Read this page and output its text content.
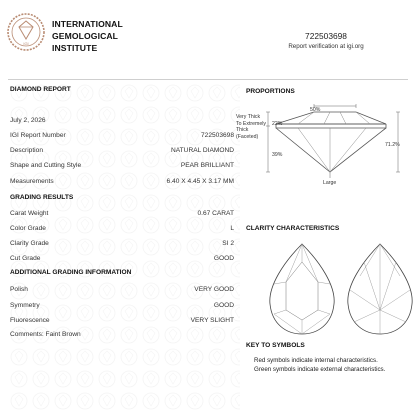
IGI
INTERNATIONAL
GEMOLOGICAL
INSTITUTE
722503698
Report verification at igi.org
DIAMOND REPORT
July 2, 2026
IGI Report Number	722503698
Description	NATURAL DIAMOND
Shape and Cutting Style	PEAR BRILLIANT
Measurements	6.40 X 4.45 X 3.17 MM
GRADING RESULTS
Carat Weight	0.67 CARAT
Color Grade	L
Clarity Grade	SI 2
Cut Grade	GOOD
ADDITIONAL GRADING INFORMATION
Polish	VERY GOOD
Symmetry	GOOD
Fluorescence	VERY SLIGHT
Comments: Faint Brown
PROPORTIONS
50%
22%
39%
71.2%
Very Thick
To Extremely
Thick
(Faceted)
Large
CLARITY CHARACTERISTICS
KEY TO SYMBOLS
Red symbols indicate internal characteristics.
Green symbols indicate external characteristics.
